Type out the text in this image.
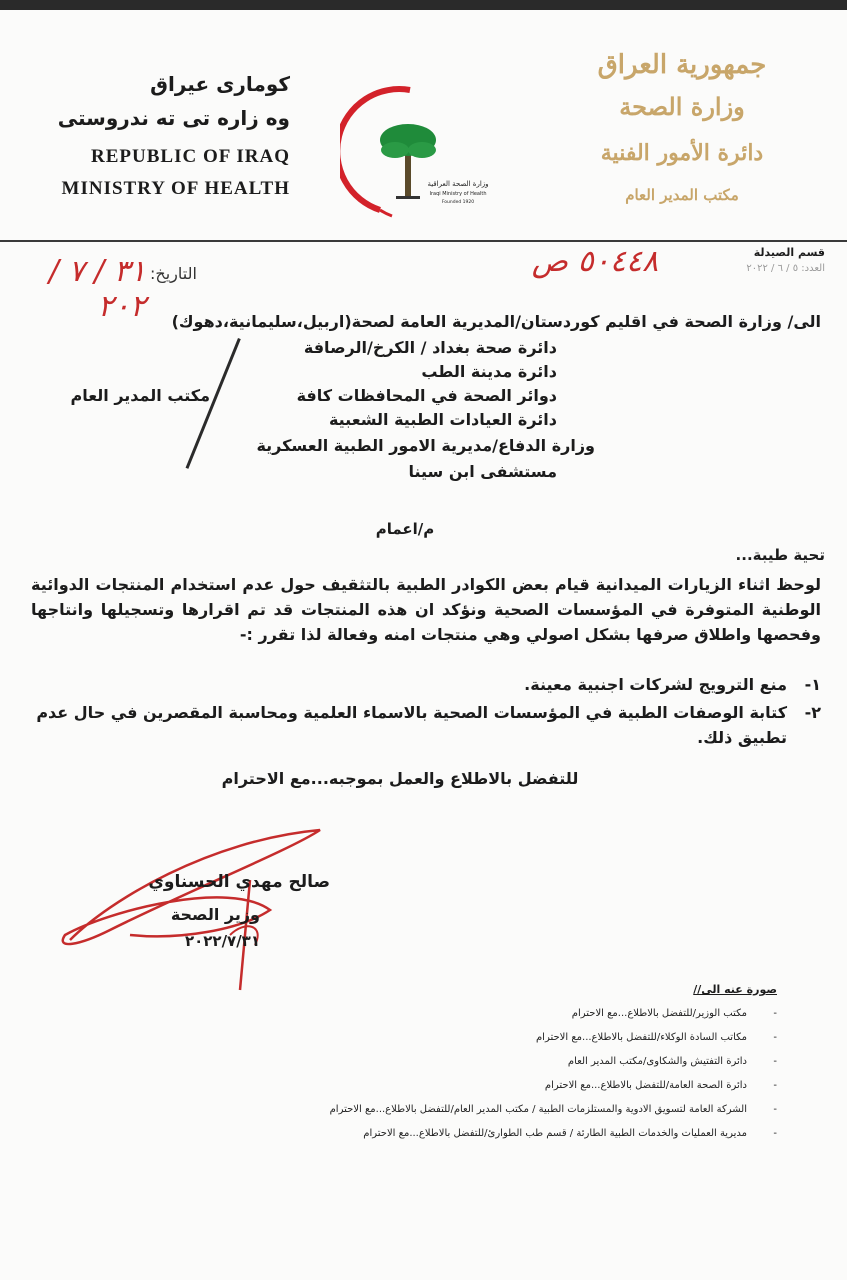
كوماری عيراق
وه زاره تی ته ندروستی
REPUBLIC OF IRAQ
MINISTRY OF HEALTH	وزارة الصحة العراقية
Iraqi Ministry of Health
Founded 1920
جمهورية العراق
وزارة الصحة
دائرة الأمور الفنية
مكتب المدير العام
قسم الصيدلة
العدد: ٥ / ٦ / ٢٠٢٢
٥٠٤٤٨ ص
التاريخ:
٣١ / ٧ / ٢٠٢	الى/ وزارة الصحة في اقليم كوردستان/المديرية العامة لصحة(اربيل،سليمانية،دهوك)
دائرة صحة بغداد / الكرخ/الرصافة
دائرة مدينة الطب
دوائر الصحة في المحافظات كافة
دائرة العيادات الطبية الشعبية
وزارة الدفاع/مديرية الامور الطبية العسكرية
مستشفى ابن سينا
مكتب المدير العام
م/اعمام
تحية طيبة...
لوحظ اثناء الزيارات الميدانية قيام بعض الكوادر الطبية بالتثقيف حول عدم استخدام المنتجات الدوائية الوطنية المتوفرة في المؤسسات الصحية ونؤكد ان هذه المنتجات قد تم اقرارها وتسجيلها وانتاجها وفحصها واطلاق صرفها بشكل اصولي وهي منتجات امنه وفعالة لذا تقرر :-
١-
منع الترويج لشركات اجنبية معينة.
٢-
كتابة الوصفات الطبية في المؤسسات الصحية بالاسماء العلمية ومحاسبة المقصرين في حال عدم تطبيق ذلك.
للتفضل بالاطلاع والعمل بموجبه...مع الاحترام
صالح مهدي الحسناوي
وزير الصحة
٢٠٢٢/٧/٣١
صورة عنه الى//
-
مكتب الوزير/للتفضل بالاطلاع...مع الاحترام
-
مكاتب السادة الوكلاء/للتفضل بالاطلاع...مع الاحترام
-
دائرة التفتيش والشكاوى/مكتب المدير العام
-
دائرة الصحة العامة/للتفضل بالاطلاع...مع الاحترام
-
الشركة العامة لتسويق الادوية والمستلزمات الطبية / مكتب المدير العام/للتفضل بالاطلاع...مع الاحترام
-
مديرية العمليات والخدمات الطبية الطارئة / قسم طب الطوارئ/للتفضل بالاطلاع...مع الاحترام
